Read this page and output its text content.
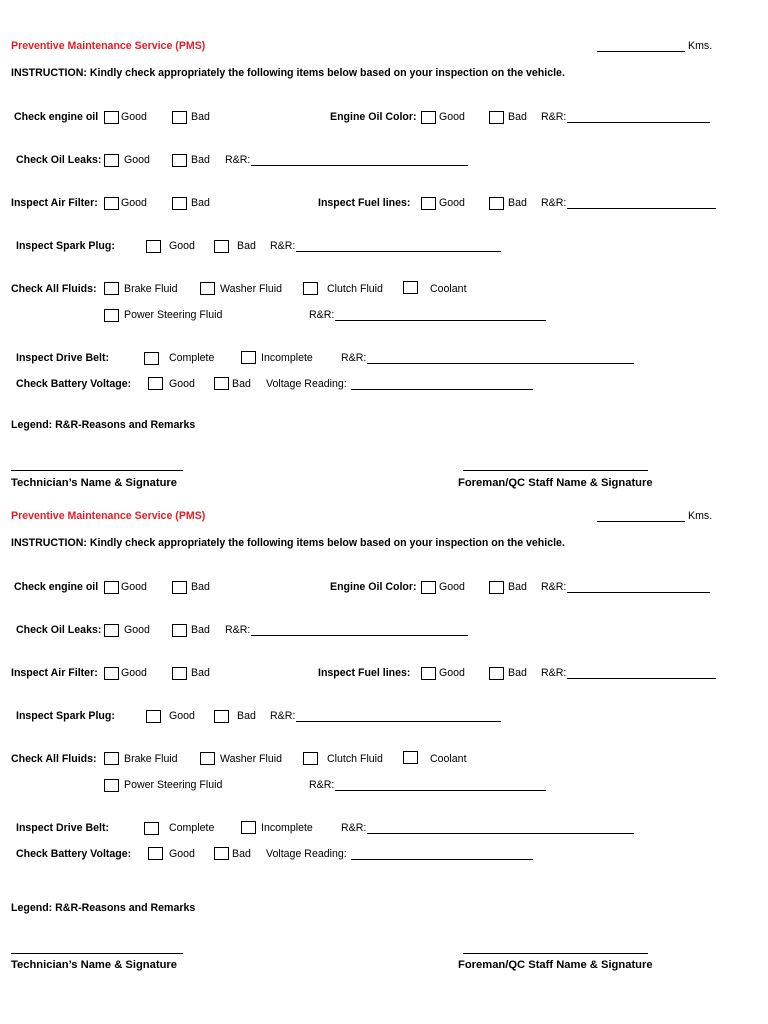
Preventive Maintenance Service (PMS)	Kms.
INSTRUCTION: Kindly check appropriately the following items below based on your inspection on the vehicle.
Check engine oil Good	Bad	Engine Oil Color: Good	Bad R&R:
Check Oil Leaks: Good	Bad R&R:
Inspect Air Filter: Good	Bad	Inspect Fuel lines:	Good	Bad R&R:
Inspect Spark Plug:	Good	Bad R&R:
Check All Fluids:	Brake Fluid	Washer Fluid	Clutch Fluid	Coolant
Power Steering Fluid	R&R:
Inspect Drive Belt:	Complete	Incomplete	R&R:
Check Battery Voltage:	Good	Bad Voltage Reading:
Legend: R&R-Reasons and Remarks
Technician’s Name & Signature	Foreman/QC Staff Name & Signature
Preventive Maintenance Service (PMS)	Kms.
INSTRUCTION: Kindly check appropriately the following items below based on your inspection on the vehicle.
Check engine oil Good	Bad	Engine Oil Color: Good	Bad R&R:
Check Oil Leaks: Good	Bad R&R:
Inspect Air Filter: Good	Bad	Inspect Fuel lines:	Good	Bad R&R:
Inspect Spark Plug:	Good	Bad R&R:
Check All Fluids:	Brake Fluid	Washer Fluid	Clutch Fluid	Coolant
Power Steering Fluid	R&R:
Inspect Drive Belt:	Complete	Incomplete	R&R:
Check Battery Voltage:	Good	Bad Voltage Reading:
Legend: R&R-Reasons and Remarks
Technician’s Name & Signature	Foreman/QC Staff Name & Signature
